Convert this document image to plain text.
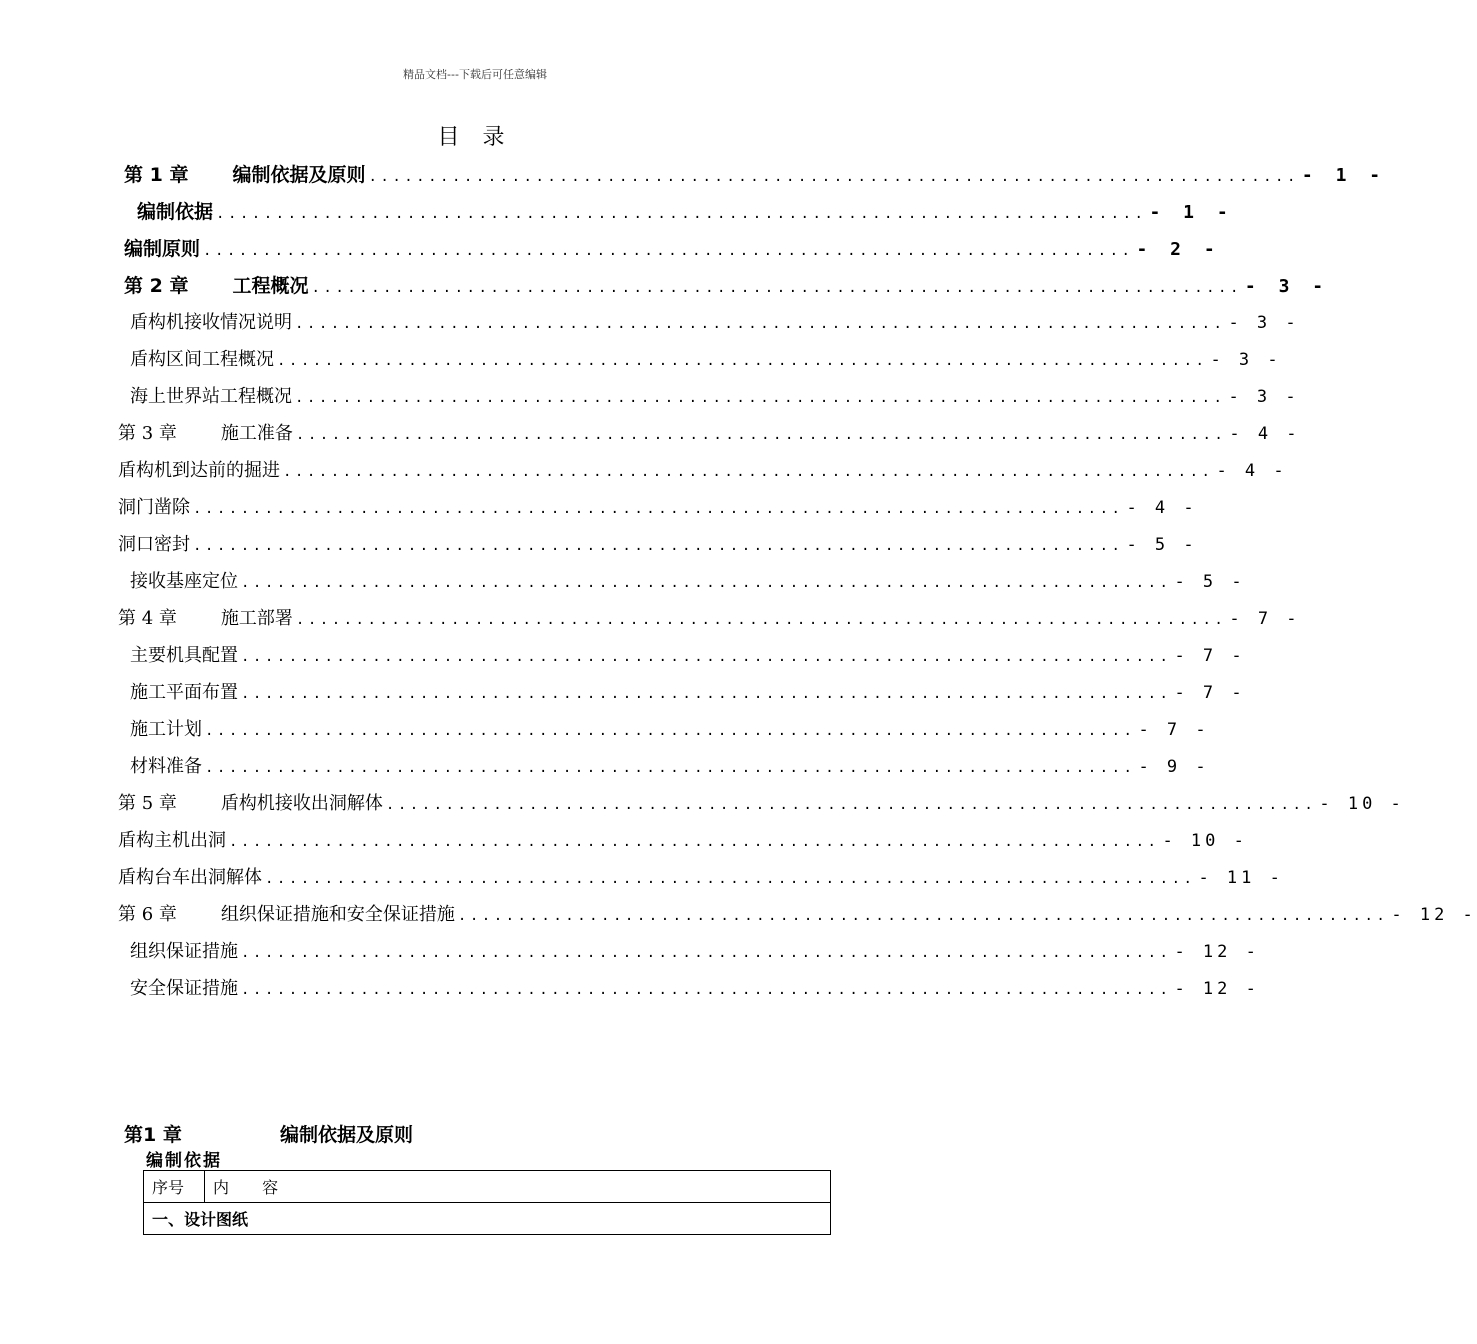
精品文档---下载后可任意编辑
目 录
第 1 章 编制依据及原则 .............................................................................. - 1 -
编制依据 .............................................................................. - 1 -
编制原则 .............................................................................. - 2 -
第 2 章 工程概况 .............................................................................. - 3 -
盾构机接收情况说明 .............................................................................. - 3 -
盾构区间工程概况 .............................................................................. - 3 -
海上世界站工程概况 .............................................................................. - 3 -
第 3 章 施工准备 .............................................................................. - 4 -
盾构机到达前的掘进 .............................................................................. - 4 -
洞门凿除 .............................................................................. - 4 -
洞口密封 .............................................................................. - 5 -
接收基座定位 .............................................................................. - 5 -
第 4 章 施工部署 .............................................................................. - 7 -
主要机具配置 .............................................................................. - 7 -
施工平面布置 .............................................................................. - 7 -
施工计划 .............................................................................. - 7 -
材料准备 .............................................................................. - 9 -
第 5 章 盾构机接收出洞解体 .............................................................................. - 10 -
盾构主机出洞 .............................................................................. - 10 -
盾构台车出洞解体 .............................................................................. - 11 -
第 6 章 组织保证措施和安全保证措施 .............................................................................. - 12 -
组织保证措施 .............................................................................. - 12 -
安全保证措施 .............................................................................. - 12 -
第1 章	编制依据及原则
编制依据
序号	内 容
一、设计图纸
